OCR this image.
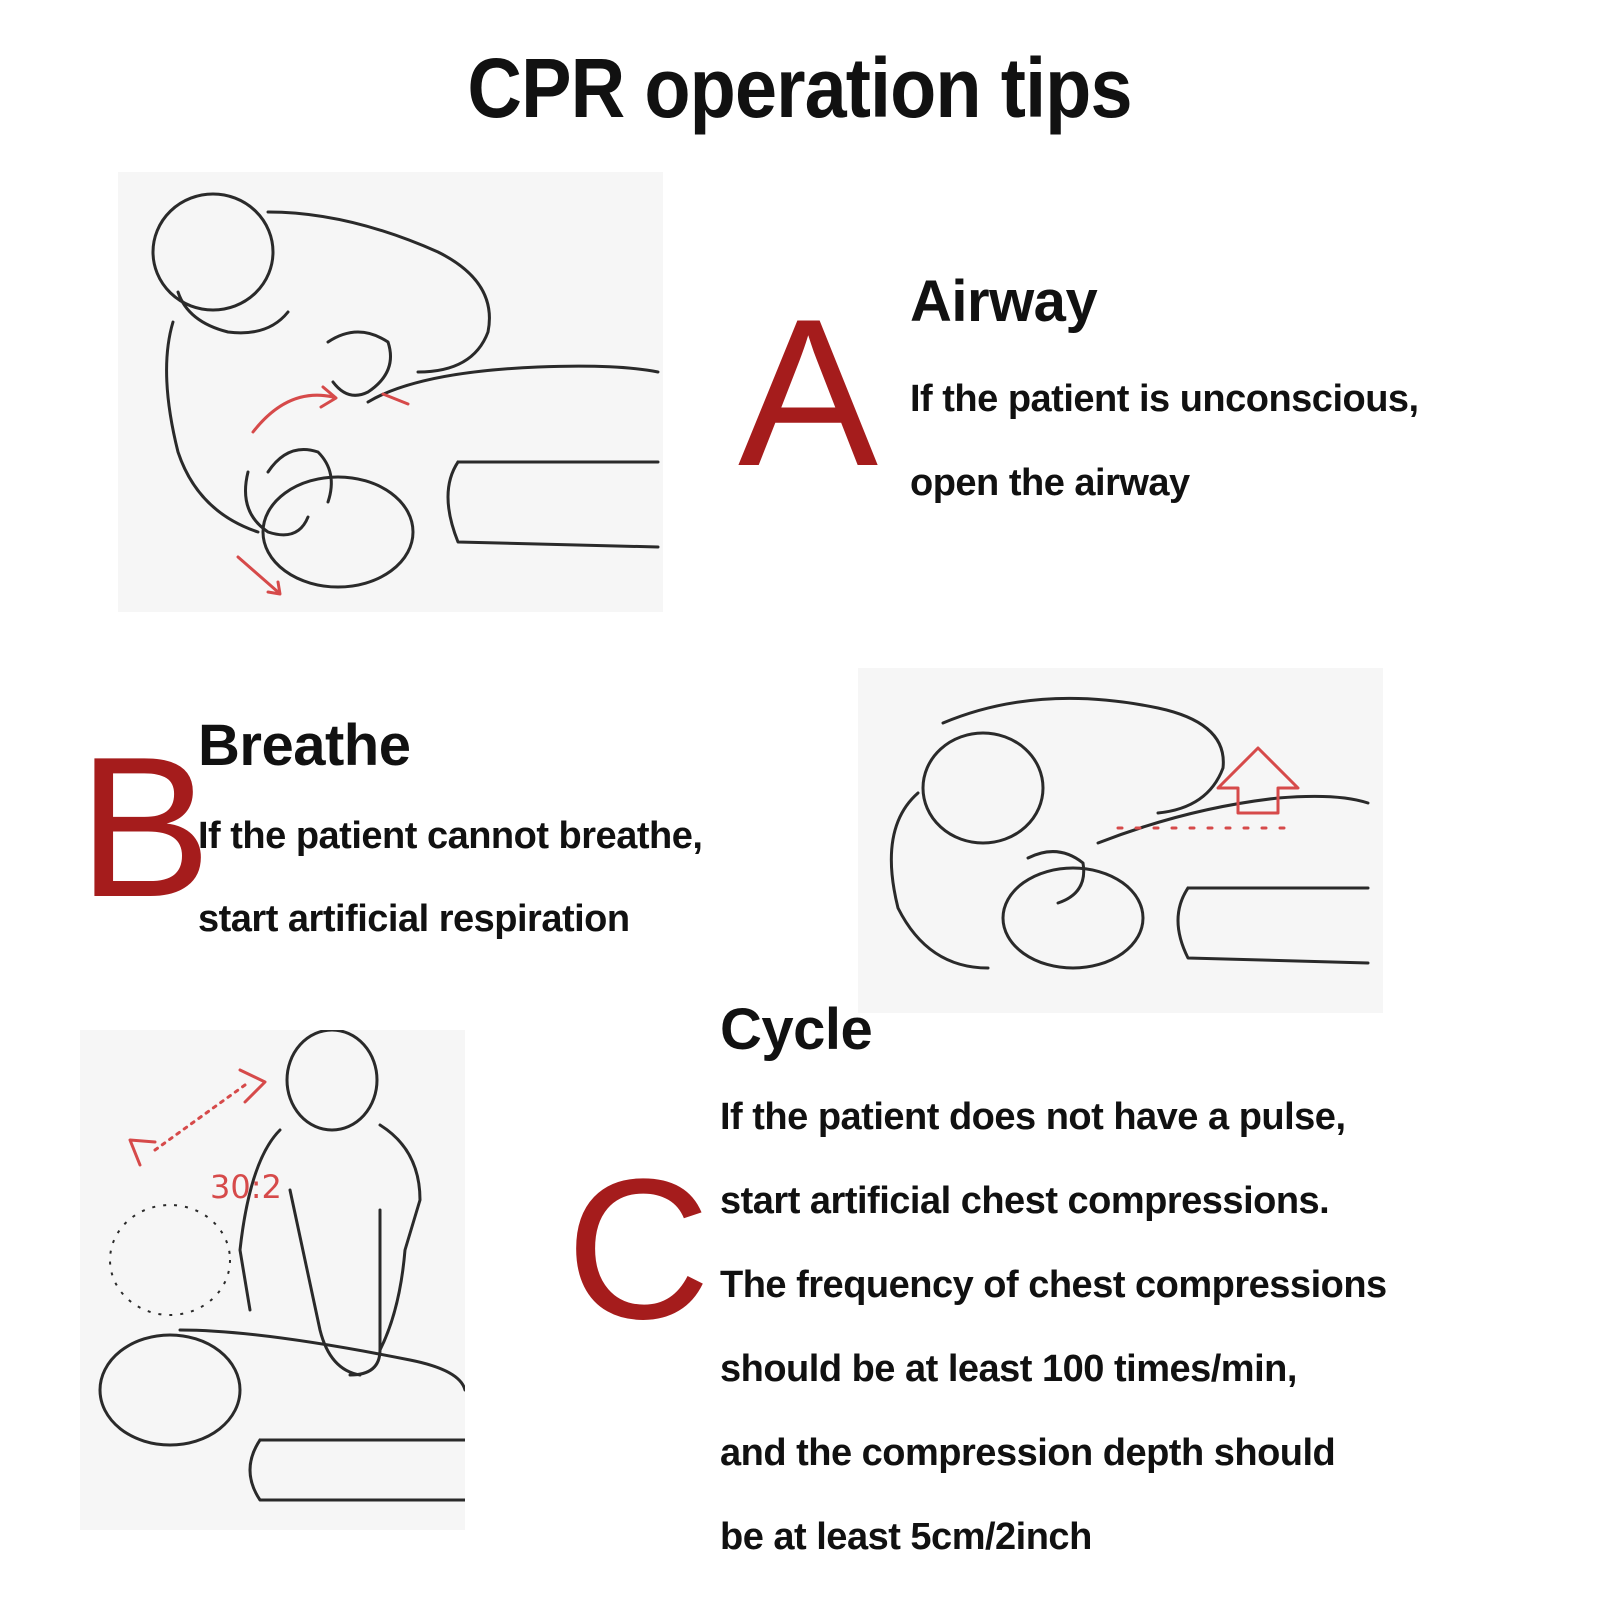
CPR operation tips
A Airway
If the patient is unconscious,
open the airway
B
Breathe
If the patient cannot breathe,
start artificial respiration
30:2 C
Cycle
If the patient does not have a pulse,
start artificial chest compressions.
The frequency of chest compressions
should be at least 100 times/min,
and the compression depth should
be at least 5cm/2inch
